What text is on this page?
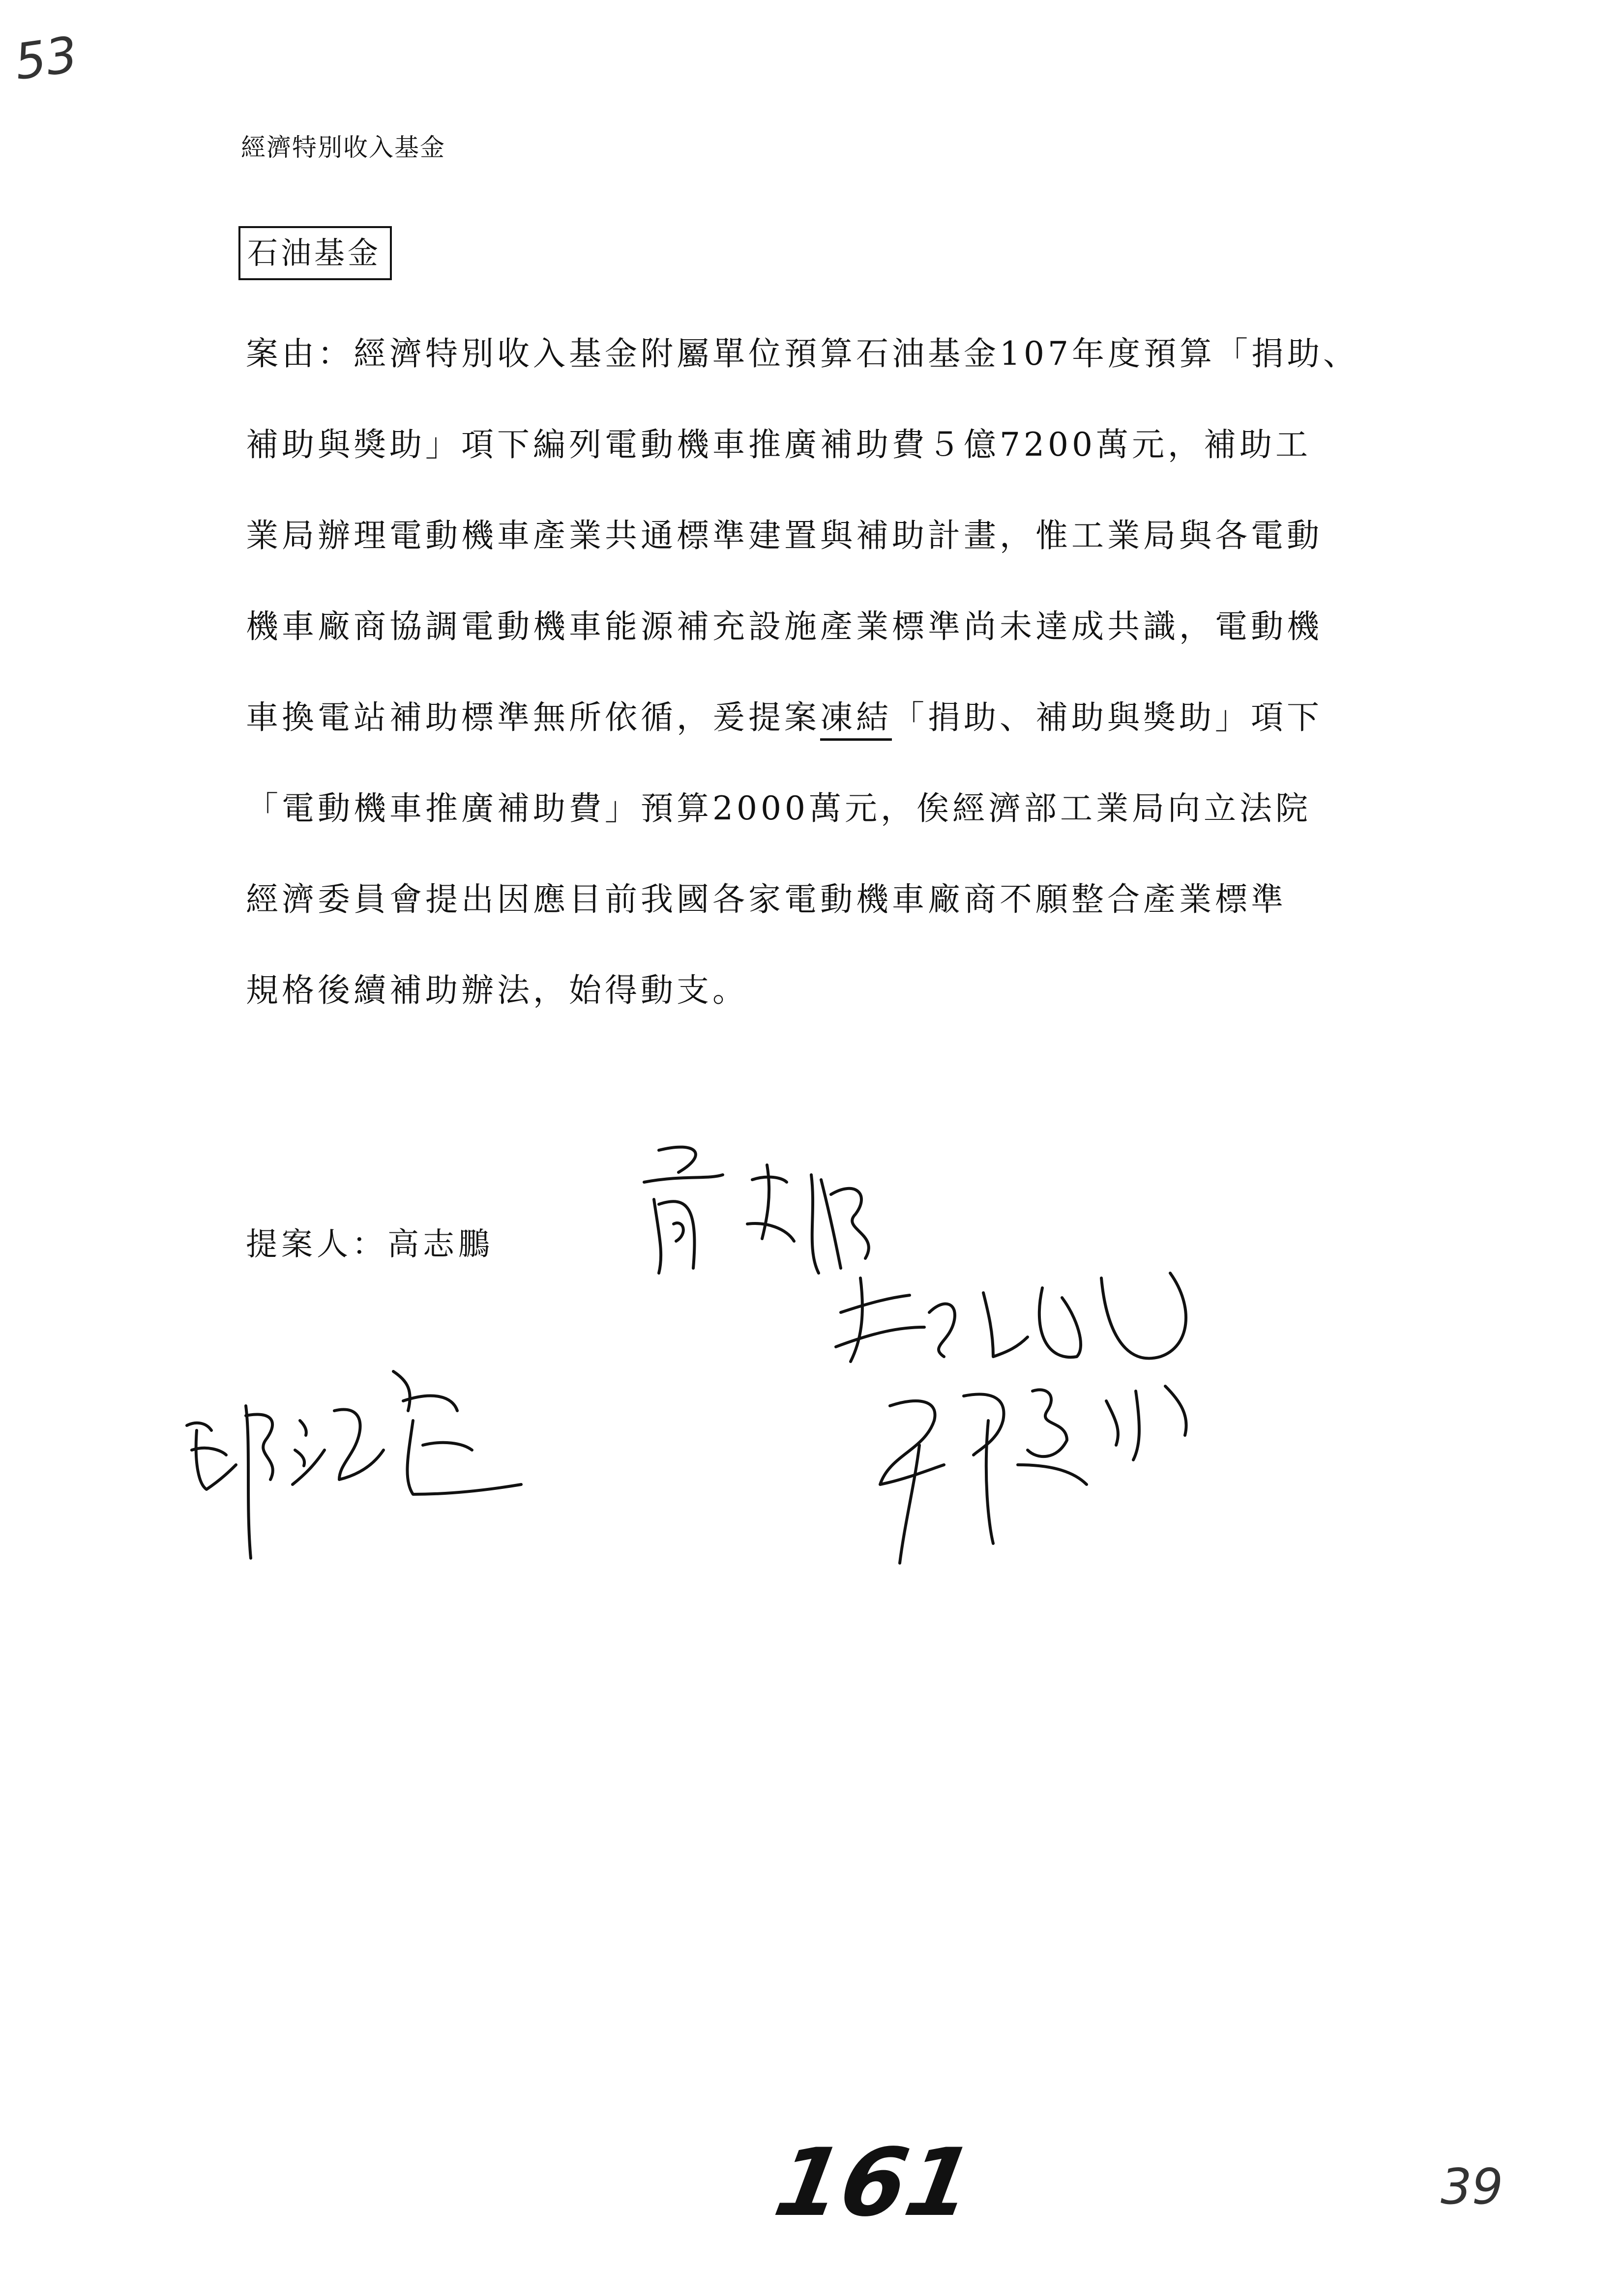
53
經濟特別收入基金
石油基金
案由：經濟特別收入基金附屬單位預算石油基金107年度預算「捐助、
補助與獎助」項下編列電動機車推廣補助費５億7200萬元，補助工
業局辦理電動機車產業共通標準建置與補助計畫，惟工業局與各電動
機車廠商協調電動機車能源補充設施產業標準尚未達成共識，電動機
車換電站補助標準無所依循，爰提案凍結「捐助、補助與獎助」項下
「電動機車推廣補助費」預算2000萬元，俟經濟部工業局向立法院
經濟委員會提出因應目前我國各家電動機車廠商不願整合產業標準
規格後續補助辦法，始得動支。
提案人：高志鵬
161	39
